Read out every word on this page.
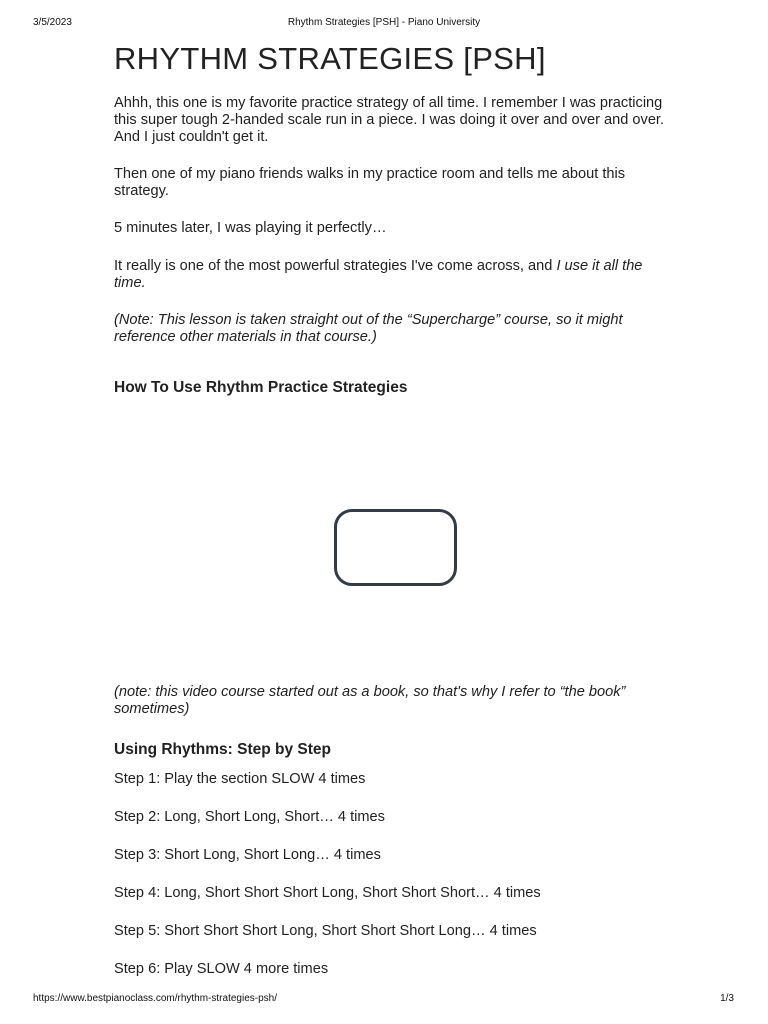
3/5/2023	Rhythm Strategies [PSH] - Piano University
RHYTHM STRATEGIES [PSH]

Ahhh, this one is my favorite practice strategy of all time. I remember I was practicing this super tough 2-handed scale run in a piece. I was doing it over and over and over. And I just couldn't get it.

Then one of my piano friends walks in my practice room and tells me about this strategy.

5 minutes later, I was playing it perfectly…

It really is one of the most powerful strategies I've come across, and I use it all the time.

(Note: This lesson is taken straight out of the “Supercharge” course, so it might reference other materials in that course.)

How To Use Rhythm Practice Strategies

(note: this video course started out as a book, so that's why I refer to “the book” sometimes)

Using Rhythms: Step by Step

Step 1: Play the section SLOW 4 times

Step 2: Long, Short Long, Short… 4 times

Step 3: Short Long, Short Long… 4 times

Step 4: Long, Short Short Short Long, Short Short Short… 4 times

Step 5: Short Short Short Long, Short Short Short Long… 4 times

Step 6: Play SLOW 4 more times

https://www.bestpianoclass.com/rhythm-strategies-psh/	1/3
